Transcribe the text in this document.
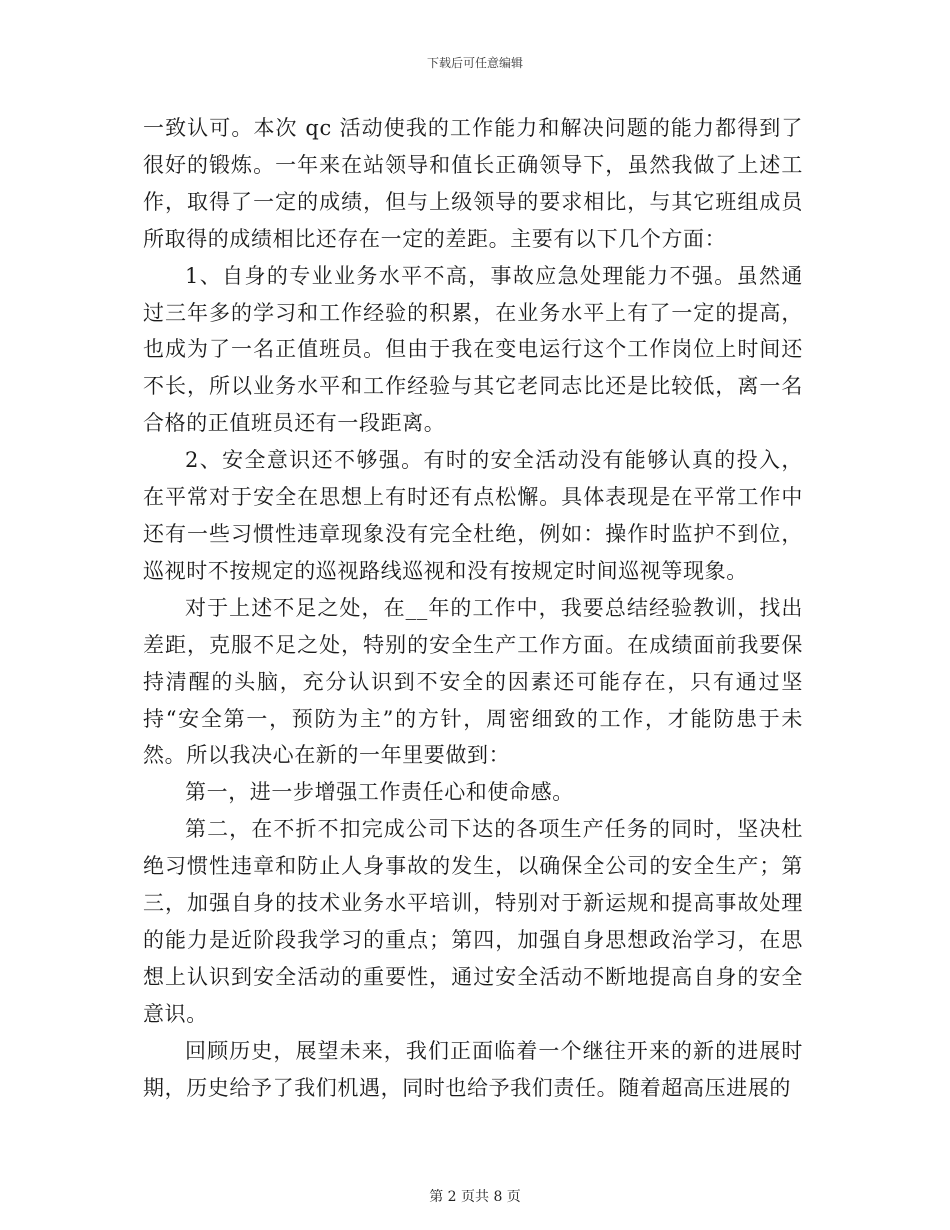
下载后可任意编辑

一致认可。本次 qc 活动使我的工作能力和解决问题的能力都得到了很好的锻炼。一年来在站领导和值长正确领导下，虽然我做了上述工作，取得了一定的成绩，但与上级领导的要求相比，与其它班组成员所取得的成绩相比还存在一定的差距。主要有以下几个方面：

1、自身的专业业务水平不高，事故应急处理能力不强。虽然通过三年多的学习和工作经验的积累，在业务水平上有了一定的提高，也成为了一名正值班员。但由于我在变电运行这个工作岗位上时间还不长，所以业务水平和工作经验与其它老同志比还是比较低，离一名合格的正值班员还有一段距离。

2、安全意识还不够强。有时的安全活动没有能够认真的投入，在平常对于安全在思想上有时还有点松懈。具体表现是在平常工作中还有一些习惯性违章现象没有完全杜绝，例如：操作时监护不到位，巡视时不按规定的巡视路线巡视和没有按规定时间巡视等现象。

对于上述不足之处，在__年的工作中，我要总结经验教训，找出差距，克服不足之处，特别的安全生产工作方面。在成绩面前我要保持清醒的头脑，充分认识到不安全的因素还可能存在，只有通过坚持“安全第一，预防为主”的方针，周密细致的工作，才能防患于未然。所以我决心在新的一年里要做到：

第一，进一步增强工作责任心和使命感。

第二，在不折不扣完成公司下达的各项生产任务的同时，坚决杜绝习惯性违章和防止人身事故的发生，以确保全公司的安全生产；第三，加强自身的技术业务水平培训，特别对于新运规和提高事故处理的能力是近阶段我学习的重点；第四，加强自身思想政治学习，在思想上认识到安全活动的重要性，通过安全活动不断地提高自身的安全意识。

回顾历史，展望未来，我们正面临着一个继往开来的新的进展时期，历史给予了我们机遇，同时也给予我们责任。随着超高压进展的

第 2 页共 8 页
